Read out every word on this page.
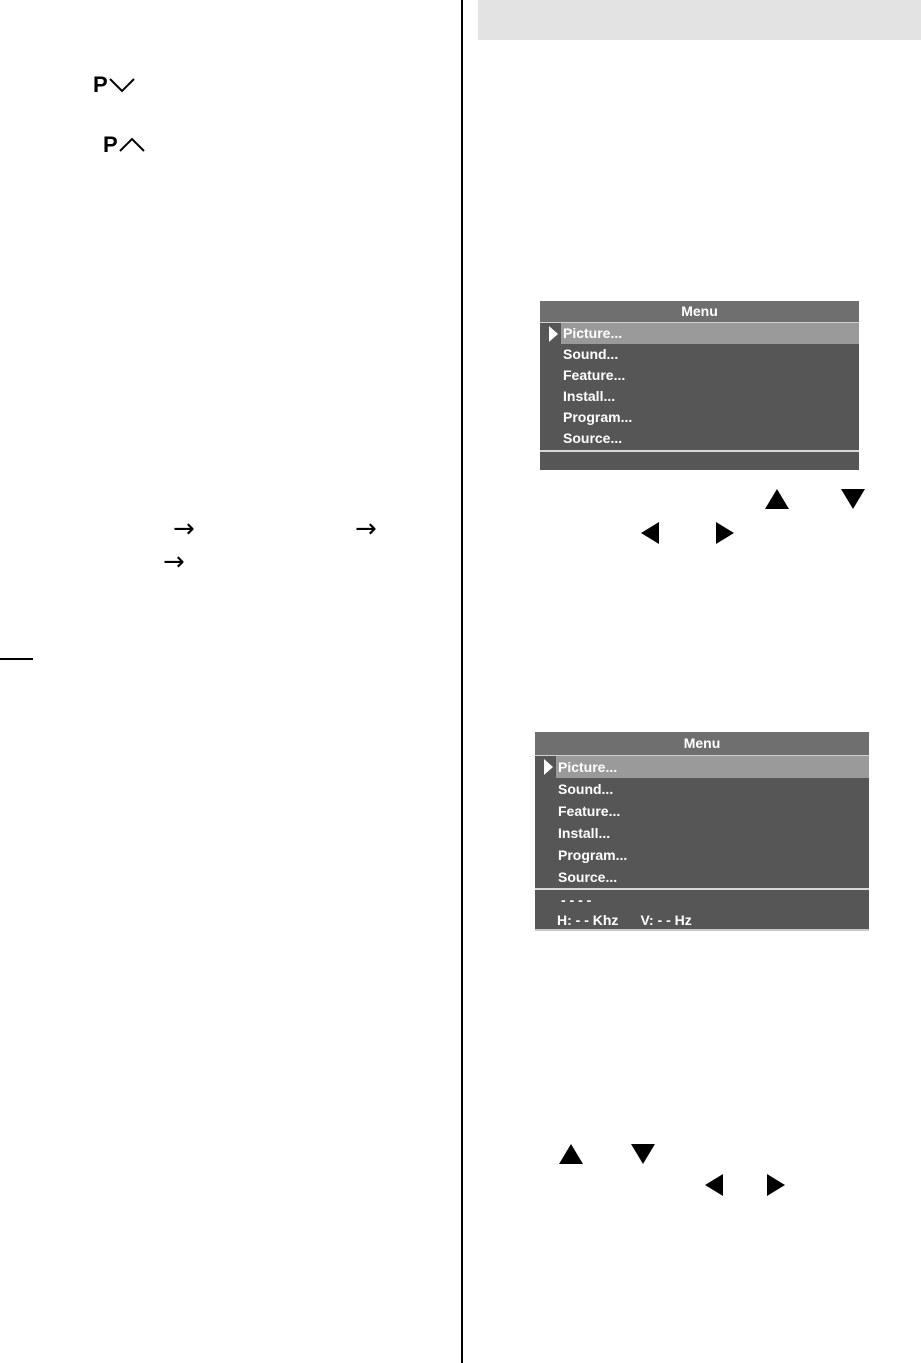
P
P
→	→
→
Menu
Picture...
Sound...
Feature...
Install...
Program...
Source...
Menu
Picture...
Sound...
Feature...
Install...
Program...
Source...
- - - -
H: - - Khz V: - - Hz
